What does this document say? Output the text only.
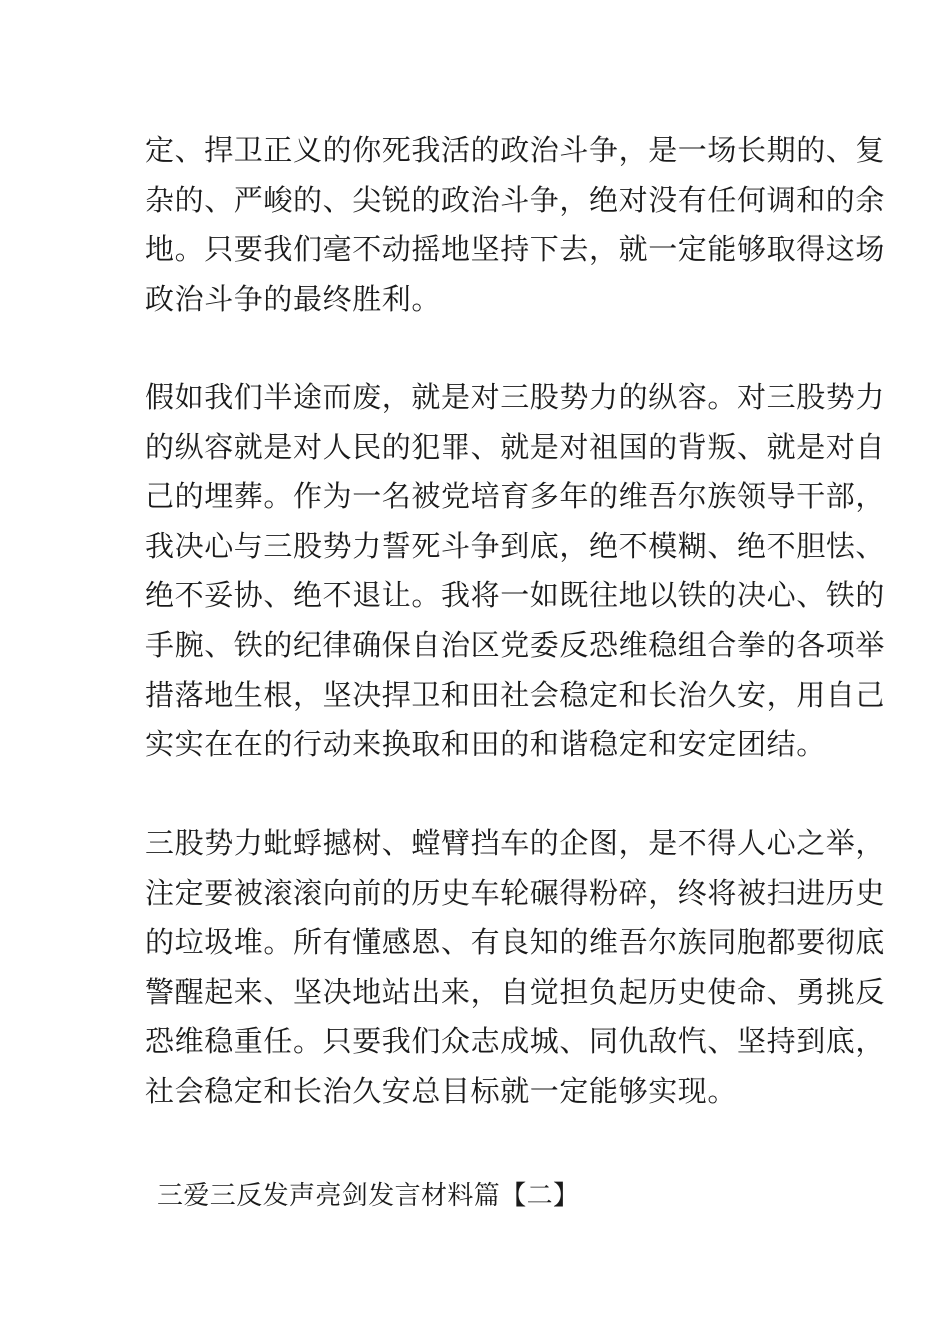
定、捍卫正义的你死我活的政治斗争，是一场长期的、复
杂的、严峻的、尖锐的政治斗争，绝对没有任何调和的余
地。只要我们毫不动摇地坚持下去，就一定能够取得这场
政治斗争的最终胜利。

假如我们半途而废，就是对三股势力的纵容。对三股势力
的纵容就是对人民的犯罪、就是对祖国的背叛、就是对自
己的埋葬。作为一名被党培育多年的维吾尔族领导干部，
我决心与三股势力誓死斗争到底，绝不模糊、绝不胆怯、
绝不妥协、绝不退让。我将一如既往地以铁的决心、铁的
手腕、铁的纪律确保自治区党委反恐维稳组合拳的各项举
措落地生根，坚决捍卫和田社会稳定和长治久安，用自己
实实在在的行动来换取和田的和谐稳定和安定团结。

三股势力蚍蜉撼树、螳臂挡车的企图，是不得人心之举，
注定要被滚滚向前的历史车轮碾得粉碎，终将被扫进历史
的垃圾堆。所有懂感恩、有良知的维吾尔族同胞都要彻底
警醒起来、坚决地站出来，自觉担负起历史使命、勇挑反
恐维稳重任。只要我们众志成城、同仇敌忾、坚持到底，
社会稳定和长治久安总目标就一定能够实现。

三爱三反发声亮剑发言材料篇【二】
